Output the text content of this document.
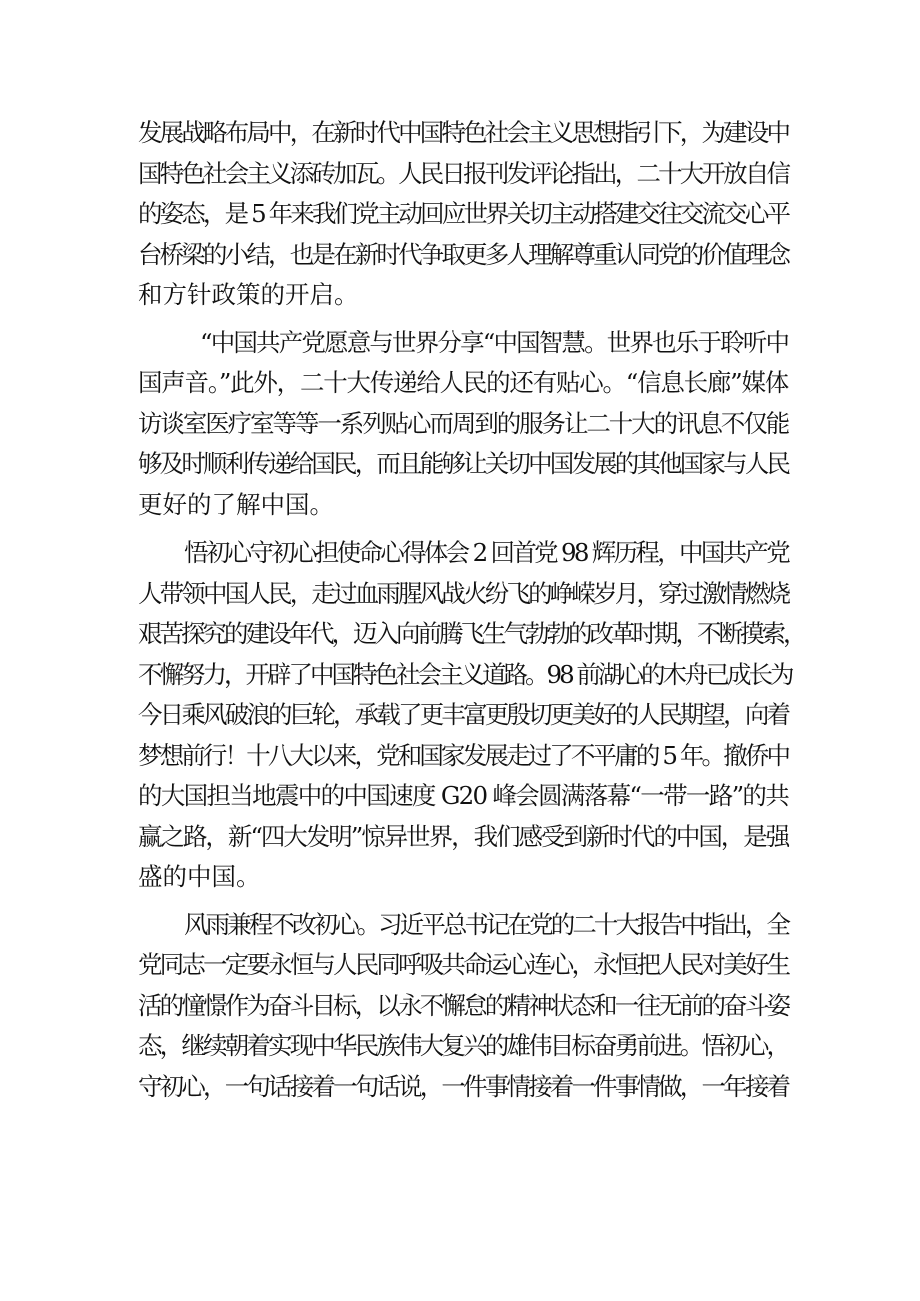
发展战略布局中，在新时代中国特色社会主义思想指引下，为建设中
国特色社会主义添砖加瓦。人民日报刊发评论指出，二十大开放自信
的姿态，是 5 年来我们党主动回应世界关切主动搭建交往交流交心平
台桥梁的小结，也是在新时代争取更多人理解尊重认同党的价值理念
和方针政策的开启。

“中国共产党愿意与世界分享“中国智慧。世界也乐于聆听中
国声音。”此外，二十大传递给人民的还有贴心。“信息长廊”媒体
访谈室医疗室等等一系列贴心而周到的服务让二十大的讯息不仅能
够及时顺利传递给国民，而且能够让关切中国发展的其他国家与人民
更好的了解中国。

悟初心守初心担使命心得体会 2 回首党 98 辉历程，中国共产党
人带领中国人民，走过血雨腥风战火纷飞的峥嵘岁月，穿过激情燃烧
艰苦探究的建设年代，迈入向前腾飞生气勃勃的改革时期，不断摸索，
不懈努力，开辟了中国特色社会主义道路。98 前湖心的木舟已成长为
今日乘风破浪的巨轮，承载了更丰富更殷切更美好的人民期望，向着
梦想前行！十八大以来，党和国家发展走过了不平庸的 5 年。撤侨中
的大国担当地震中的中国速度 G20 峰会圆满落幕“一带一路”的共
赢之路，新“四大发明”惊异世界，我们感受到新时代的中国，是强
盛的中国。

风雨兼程不改初心。习近平总书记在党的二十大报告中指出，全
党同志一定要永恒与人民同呼吸共命运心连心，永恒把人民对美好生
活的憧憬作为奋斗目标，以永不懈怠的精神状态和一往无前的奋斗姿
态，继续朝着实现中华民族伟大复兴的雄伟目标奋勇前进。悟初心，
守初心，一句话接着一句话说，一件事情接着一件事情做，一年接着
